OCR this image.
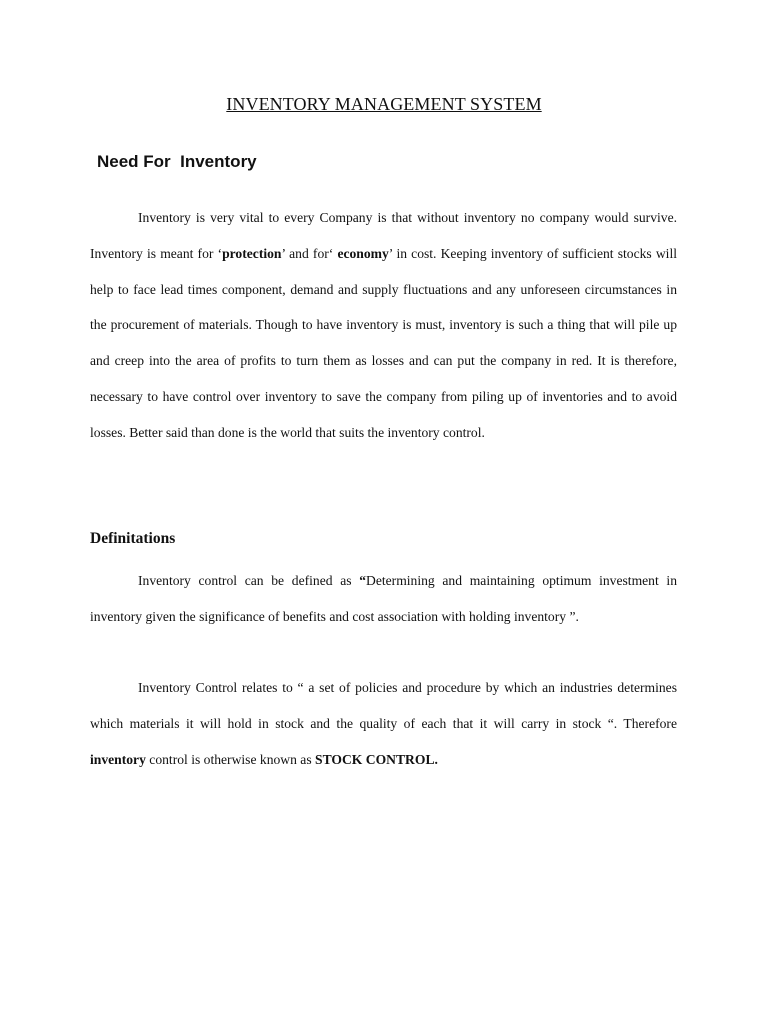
INVENTORY MANAGEMENT SYSTEM
Need For  Inventory
Inventory is very vital to every Company is that without inventory no company would survive. Inventory is meant for ‘protection’ and for‘ economy’ in cost. Keeping inventory of sufficient stocks will help to face lead times component, demand and supply fluctuations and any unforeseen circumstances in the procurement of materials. Though to have inventory is must, inventory is such a thing that will pile up and creep into the area of profits to turn them as losses and can put the company in red. It is therefore, necessary to have control over inventory to save the company from piling up of inventories and to avoid losses. Better said than done is the world that suits the inventory control.
Definitations
Inventory control can be defined as “Determining and maintaining optimum investment in inventory given the significance of benefits and cost association with holding inventory ”.
Inventory Control relates to “ a set of policies and procedure by which an industries determines which materials it will hold in stock and the quality of each that it will carry in stock “. Therefore inventory control is otherwise known as STOCK CONTROL.
